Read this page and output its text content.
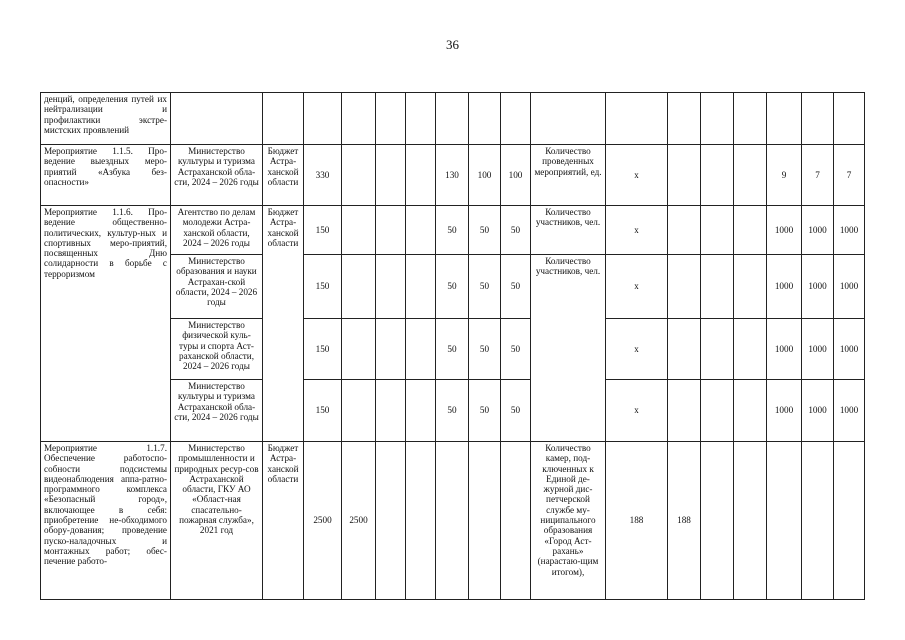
36
денций, определения путей их нейтрализации и профилактики экстре-мистских проявлений																	
Мероприятие 1.1.5. Про-ведение выездных меро-приятий «Азбука без-опасности»	Министерство культуры и туризма Астраханской обла-сти, 2024 – 2026 годы	Бюджет Астра-ханской области	330				130	100	100	Количество проведенных мероприятий, ед.	х				9	7	7
Мероприятие 1.1.6. Про-ведение общественно-политических, культур-ных и спортивных меро-приятий, посвященных Дню солидарности в борьбе с терроризмом	Агентство по делам молодежи Астра-ханской области, 2024 – 2026 годы	Бюджет Астра-ханской области	150				50	50	50	Количество участников, чел.	х				1000	1000	1000
	Министерство образования и науки Астрахан-ской области, 2024 – 2026 годы		150				50	50	50	Количество участников, чел.	х				1000	1000	1000
	Министерство физической куль-туры и спорта Аст-раханской области, 2024 – 2026 годы		150				50	50	50		х				1000	1000	1000
	Министерство культуры и туризма Астраханской обла-сти, 2024 – 2026 годы		150				50	50	50		х				1000	1000	1000
Мероприятие 1.1.7. Обеспечение работоспо-собности подсистемы видеонаблюдения аппа-ратно-программного комплекса «Безопасный город», включающее в себя: приобретение не-обходимого обору-дования; проведение пуско-наладочных и монтажных работ; обес-печение работо-	Министерство промышленности и природных ресур-сов Астраханской области, ГКУ АО «Област-ная спасательно-пожарная служба», 2021 год	Бюджет Астра-ханской области	2500	2500						Количество камер, под-ключенных к Единой де-журной дис-петчерской службе му-ниципального образования «Город Аст-рахань» (нарастаю-щим итогом),	188	188					
